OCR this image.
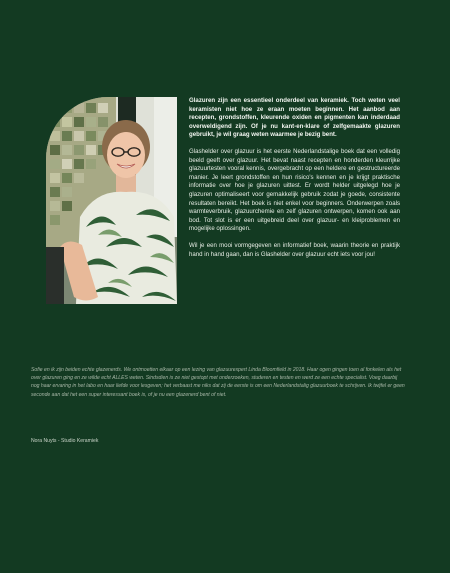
Glazuren zijn een essentieel onderdeel van keramiek. Toch weten veel keramisten niet hoe ze eraan moeten beginnen. Het aanbod aan recepten, grondstoffen, kleurende oxiden en pigmenten kan inderdaad overweldigend zijn. Of je nu kant-en-klare of zelfgemaakte glazuren gebruikt, je wil graag weten waarmee je bezig bent.

Glashelder over glazuur is het eerste Nederlandstalige boek dat een volledig beeld geeft over glazuur. Het bevat naast recepten en honderden kleurrijke glazuurtesten vooral kennis, overgebracht op een heldere en gestructureerde manier. Je leert grondstoffen en hun risico's kennen en je krijgt praktische informatie over hoe je glazuren uittest. Er wordt helder uitgelegd hoe je glazuren optimaliseert voor gemakkelijk gebruik zodat je goede, consistente resultaten bereikt. Het boek is niet enkel voor beginners. Onderwerpen zoals warmteverbruik, glazuurchemie en zelf glazuren ontwerpen, komen ook aan bod. Tot slot is er een uitgebreid deel over glazuur- en kleiproblemen en mogelijke oplossingen.

Wil je een mooi vormgegeven en informatief boek, waarin theorie en praktijk hand in hand gaan, dan is Glashelder over glazuur echt iets voor jou!

Sofie en ik zijn beiden echte glazenerds. We ontmoetten elkaar op een lezing van glazuurexpert Linda Bloomfield in 2018. Haar ogen gingen toen al fonkelen als het over glazuren ging en ze wilde echt ALLES weten. Sindsdien is ze niet gestopt met onderzoeken, studeren en testen en werd ze een echte specialist. Voeg daarbij nog haar ervaring in het labo en haar liefde voor lesgeven; het verbaast me niks dat zij de eerste is om een Nederlandstalig glazuurboek te schrijven. Ik twijfel er geen seconde aan dat het een super interessant boek is, of je nu een glazenerd bent of niet.

Nora Nuyts - Studio Keramiek
